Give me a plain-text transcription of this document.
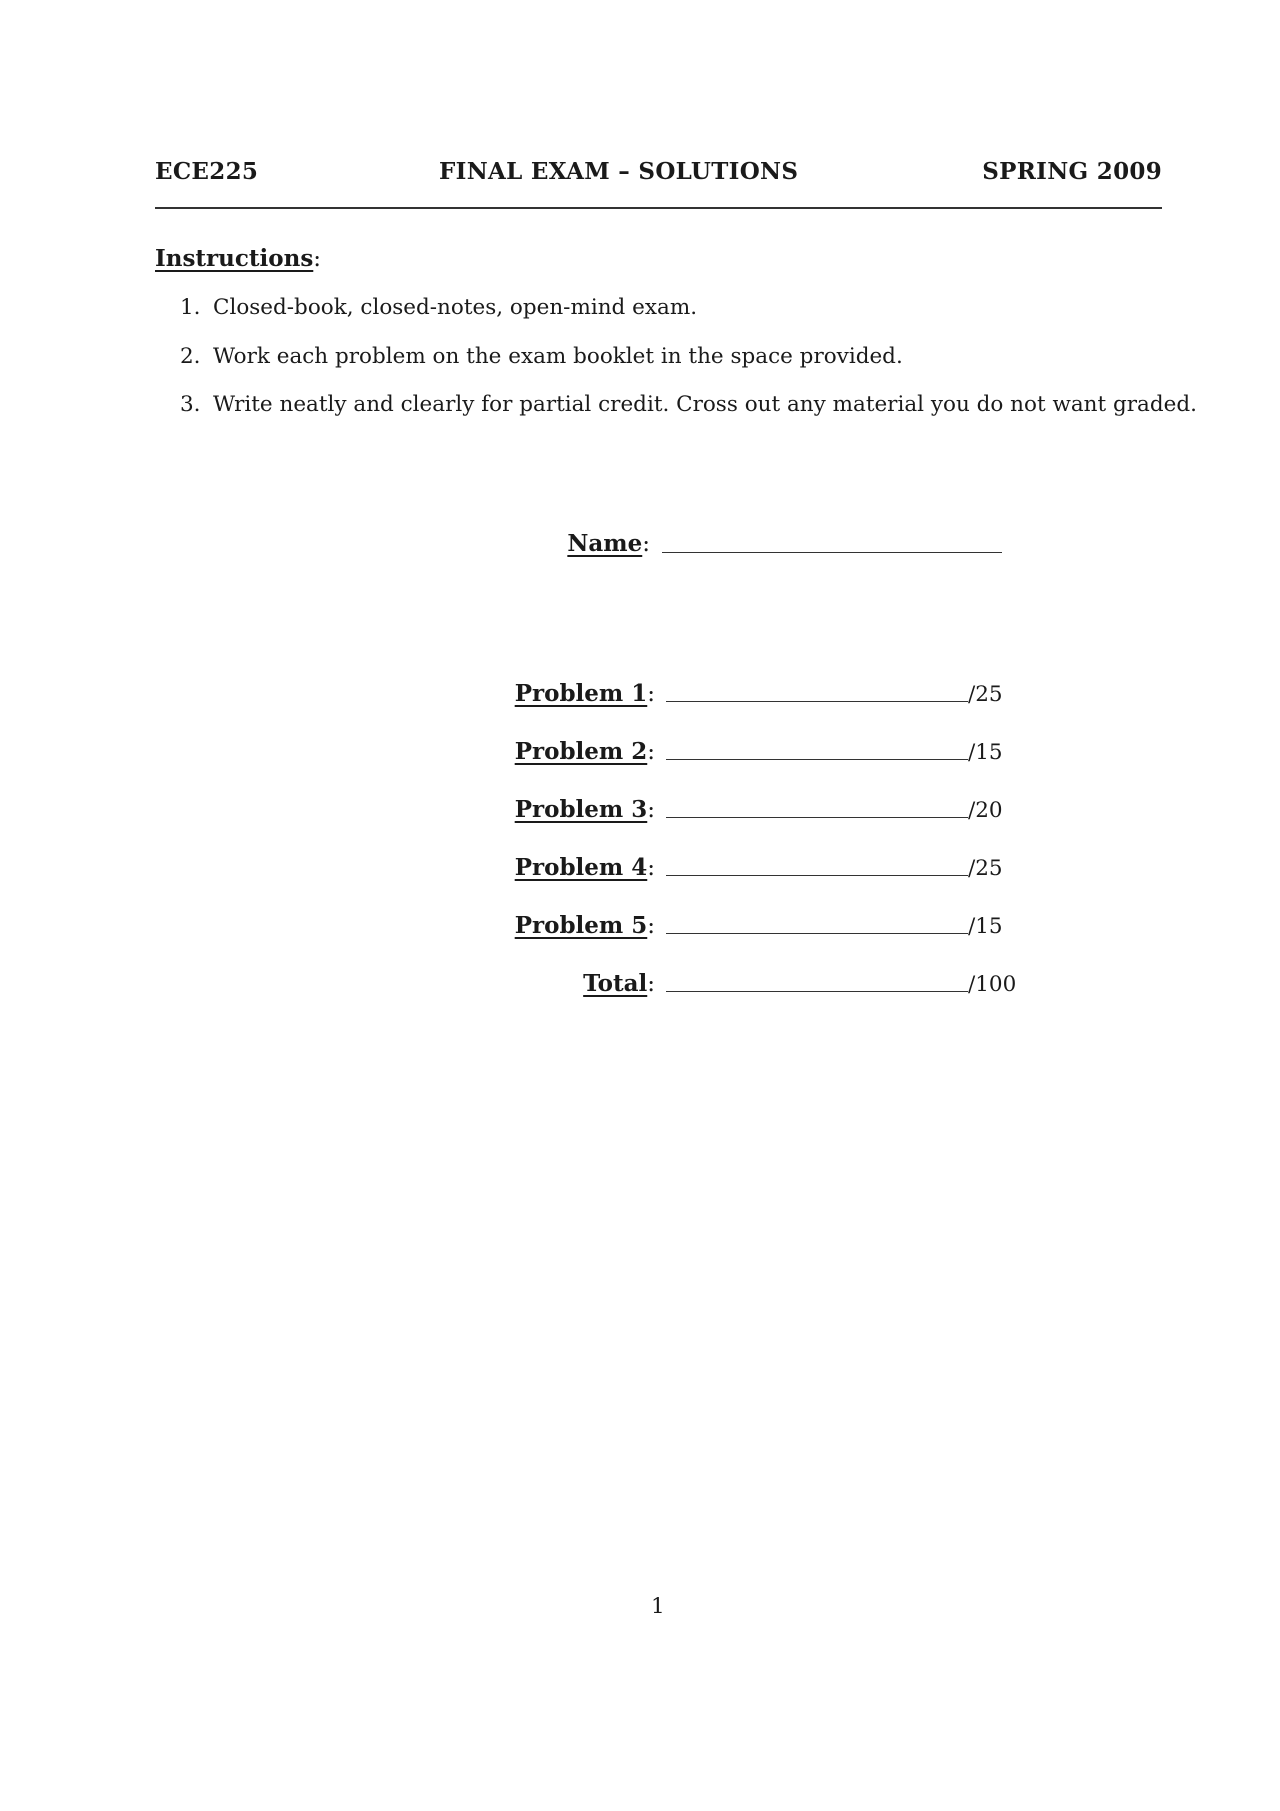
ECE225	FINAL EXAM – SOLUTIONS	SPRING 2009
Instructions:
1. Closed-book, closed-notes, open-mind exam.
2. Work each problem on the exam booklet in the space provided.
3. Write neatly and clearly for partial credit. Cross out any material you do not want graded.
Name:
Problem 1:	/25
Problem 2:	/15
Problem 3:	/20
Problem 4:	/25
Problem 5:	/15
Total:	/100
1
